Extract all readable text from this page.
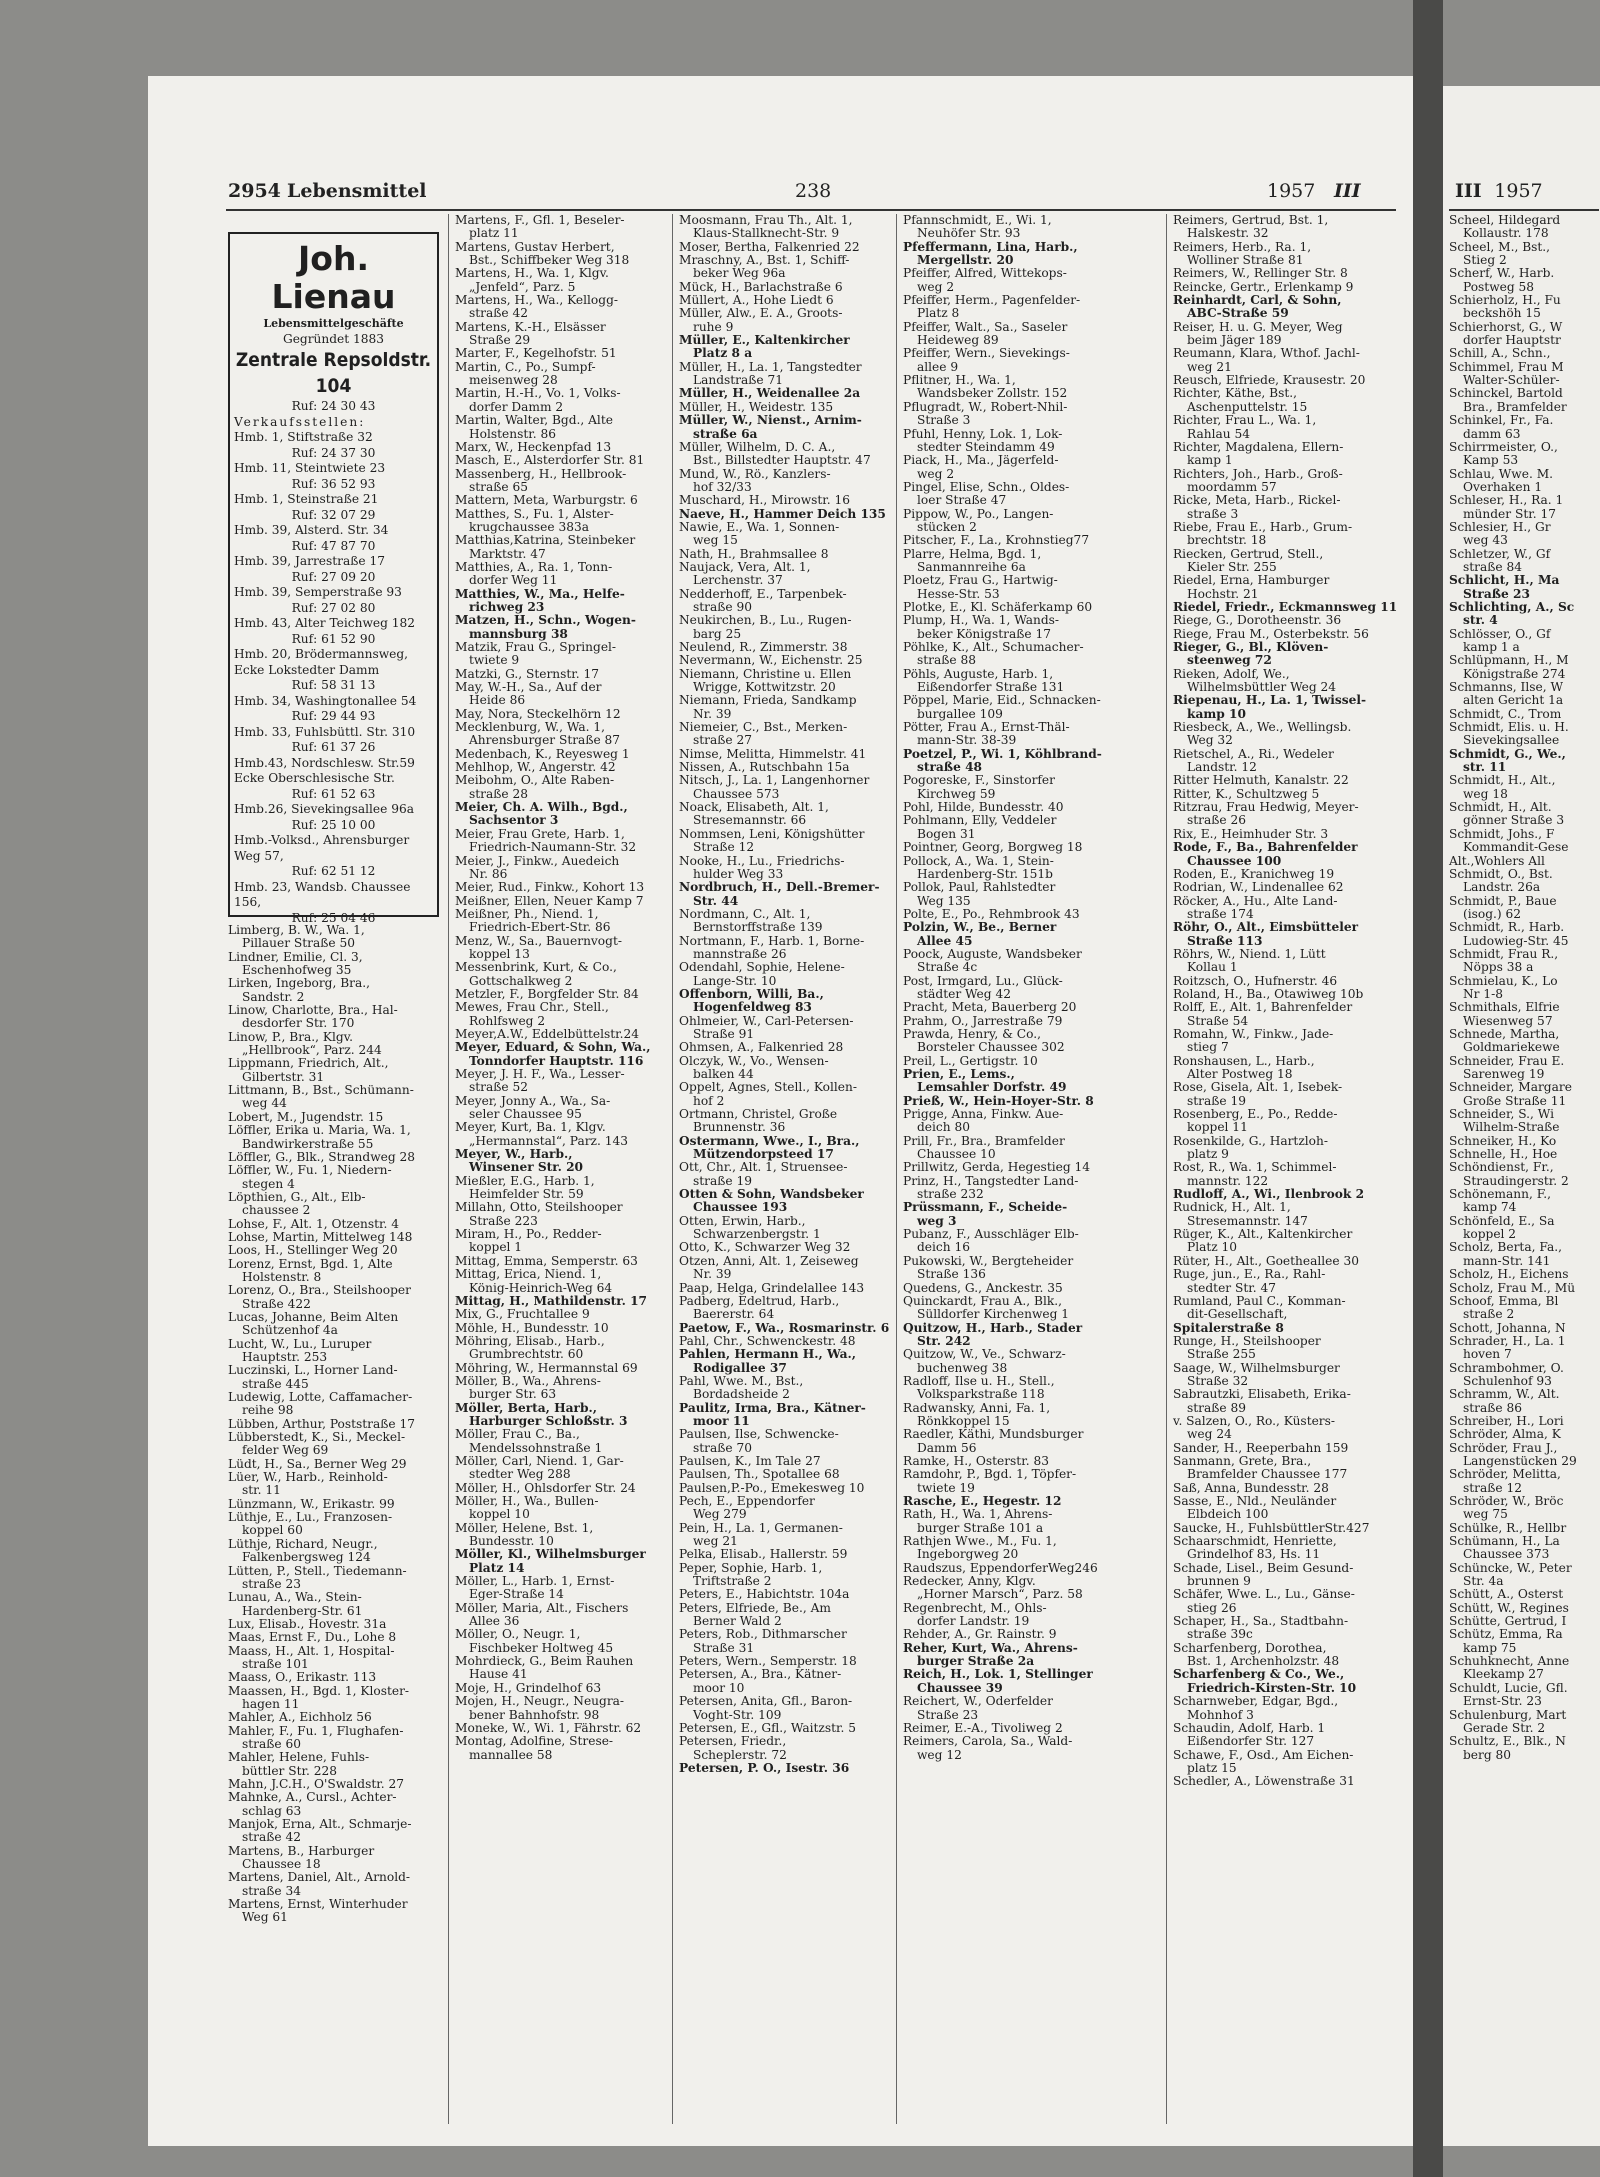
III 1957
Scheel, Hildegard
Kollaustr. 178
Scheel, M., Bst.,
Stieg 2
Scherf, W., Harb.
Postweg 58
Schierholz, H., Fu
beckshöh 15
Schierhorst, G., W
dorfer Hauptstr
Schill, A., Schn.,
Schimmel, Frau M
Walter-Schüler-
Schinckel, Bartold
Bra., Bramfelder
Schinkel, Fr., Fa.
damm 63
Schirrmeister, O.,
Kamp 53
Schlau, Wwe. M.
Overhaken 1
Schleser, H., Ra. 1
münder Str. 17
Schlesier, H., Gr
weg 43
Schletzer, W., Gf
straße 84
Schlicht, H., Ma
Straße 23
Schlichting, A., Sc
str. 4
Schlösser, O., Gf
kamp 1 a
Schlüpmann, H., M
Königstraße 274
Schmanns, Ilse, W
alten Gericht 1a
Schmidt, C., Trom
Schmidt, Elis. u. H.
Sievekingsallee
Schmidt, G., We.,
str. 11
Schmidt, H., Alt.,
weg 18
Schmidt, H., Alt.
gönner Straße 3
Schmidt, Johs., F
Kommandit-Gese
Alt.,Wohlers All
Schmidt, O., Bst.
Landstr. 26a
Schmidt, P., Baue
(isog.) 62
Schmidt, R., Harb.
Ludowieg-Str. 45
Schmidt, Frau R.,
Nöpps 38 a
Schmielau, K., Lo
Nr 1-8
Schmithals, Elfrie
Wiesenweg 57
Schnede, Martha,
Goldmariekewe
Schneider, Frau E.
Sarenweg 19
Schneider, Margare
Große Straße 11
Schneider, S., Wi
Wilhelm-Straße
Schneiker, H., Ko
Schnelle, H., Hoe
Schöndienst, Fr.,
Straudingerstr. 2
Schönemann, F.,
kamp 74
Schönfeld, E., Sa
koppel 2
Scholz, Berta, Fa.,
mann-Str. 141
Scholz, H., Eichens
Scholz, Frau M., Mü
Schoof, Emma, Bl
straße 2
Schott, Johanna, N
Schrader, H., La. 1
hoven 7
Schrambohmer, O.
Schulenhof 93
Schramm, W., Alt.
straße 86
Schreiber, H., Lori
Schröder, Alma, K
Schröder, Frau J.,
Langenstücken 29
Schröder, Melitta,
straße 12
Schröder, W., Bröc
weg 75
Schülke, R., Hellbr
Schümann, H., La
Chaussee 373
Schüncke, W., Peter
Str. 4a
Schütt, A., Osterst
Schütt, W., Regines
Schütte, Gertrud, I
Schütz, Emma, Ra
kamp 75
Schuhknecht, Anne
Kleekamp 27
Schuldt, Lucie, Gfl.
Ernst-Str. 23
Schulenburg, Mart
Gerade Str. 2
Schultz, E., Blk., N
berg 80
2954 Lebensmittel	238	1957 III
Joh. Lienau
Lebensmittelgeschäfte
Gegründet 1883
Zentrale Repsoldstr. 104
Ruf: 24 30 43
Verkaufsstellen:
Hmb. 1, Stiftstraße 32
Ruf: 24 37 30
Hmb. 11, Steintwiete 23
Ruf: 36 52 93
Hmb. 1, Steinstraße 21
Ruf: 32 07 29
Hmb. 39, Alsterd. Str. 34
Ruf: 47 87 70
Hmb. 39, Jarrestraße 17
Ruf: 27 09 20
Hmb. 39, Semperstraße 93
Ruf: 27 02 80
Hmb. 43, Alter Teichweg 182
Ruf: 61 52 90
Hmb. 20, Brödermannsweg, Ecke Lokstedter Damm
Ruf: 58 31 13
Hmb. 34, Washingtonallee 54
Ruf: 29 44 93
Hmb. 33, Fuhlsbüttl. Str. 310
Ruf: 61 37 26
Hmb.43, Nordschlesw. Str.59 Ecke Oberschlesische Str.
Ruf: 61 52 63
Hmb.26, Sievekingsallee 96a
Ruf: 25 10 00
Hmb.-Volksd., Ahrensburger Weg 57,
Ruf: 62 51 12
Hmb. 23, Wandsb. Chaussee 156,
Ruf: 25 04 46
Limberg, B. W., Wa. 1,
Pillauer Straße 50
Lindner, Emilie, Cl. 3,
Eschenhofweg 35
Lirken, Ingeborg, Bra.,
Sandstr. 2
Linow, Charlotte, Bra., Hal-
desdorfer Str. 170
Linow, P., Bra., Klgv.
„Hellbrook“, Parz. 244
Lippmann, Friedrich, Alt.,
Gilbertstr. 31
Littmann, B., Bst., Schümann-
weg 44
Lobert, M., Jugendstr. 15
Löffler, Erika u. Maria, Wa. 1,
Bandwirkerstraße 55
Löffler, G., Blk., Strandweg 28
Löffler, W., Fu. 1, Niedern-
stegen 4
Löpthien, G., Alt., Elb-
chaussee 2
Lohse, F., Alt. 1, Otzenstr. 4
Lohse, Martin, Mittelweg 148
Loos, H., Stellinger Weg 20
Lorenz, Ernst, Bgd. 1, Alte
Holstenstr. 8
Lorenz, O., Bra., Steilshooper
Straße 422
Lucas, Johanne, Beim Alten
Schützenhof 4a
Lucht, W., Lu., Luruper
Hauptstr. 253
Luczinski, L., Horner Land-
straße 445
Ludewig, Lotte, Caffamacher-
reihe 98
Lübben, Arthur, Poststraße 17
Lübberstedt, K., Si., Meckel-
felder Weg 69
Lüdt, H., Sa., Berner Weg 29
Lüer, W., Harb., Reinhold-
str. 11
Lünzmann, W., Erikastr. 99
Lüthje, E., Lu., Franzosen-
koppel 60
Lüthje, Richard, Neugr.,
Falkenbergsweg 124
Lütten, P., Stell., Tiedemann-
straße 23
Lunau, A., Wa., Stein-
Hardenberg-Str. 61
Lux, Elisab., Hovestr. 31a
Maas, Ernst F., Du., Lohe 8
Maass, H., Alt. 1, Hospital-
straße 101
Maass, O., Erikastr. 113
Maassen, H., Bgd. 1, Kloster-
hagen 11
Mahler, A., Eichholz 56
Mahler, F., Fu. 1, Flughafen-
straße 60
Mahler, Helene, Fuhls-
büttler Str. 228
Mahn, J.C.H., O'Swaldstr. 27
Mahnke, A., Cursl., Achter-
schlag 63
Manjok, Erna, Alt., Schmarje-
straße 42
Martens, B., Harburger
Chaussee 18
Martens, Daniel, Alt., Arnold-
straße 34
Martens, Ernst, Winterhuder
Weg 61
Martens, F., Gfl. 1, Beseler-
platz 11
Martens, Gustav Herbert,
Bst., Schiffbeker Weg 318
Martens, H., Wa. 1, Klgv.
„Jenfeld“, Parz. 5
Martens, H., Wa., Kellogg-
straße 42
Martens, K.-H., Elsässer
Straße 29
Marter, F., Kegelhofstr. 51
Martin, C., Po., Sumpf-
meisenweg 28
Martin, H.-H., Vo. 1, Volks-
dorfer Damm 2
Martin, Walter, Bgd., Alte
Holstenstr. 86
Marx, W., Heckenpfad 13
Masch, E., Alsterdorfer Str. 81
Massenberg, H., Hellbrook-
straße 65
Mattern, Meta, Warburgstr. 6
Matthes, S., Fu. 1, Alster-
krugchaussee 383a
Matthias,Katrina, Steinbeker
Marktstr. 47
Matthies, A., Ra. 1, Tonn-
dorfer Weg 11
Matthies, W., Ma., Helfe-
richweg 23
Matzen, H., Schn., Wogen-
mannsburg 38
Matzik, Frau G., Springel-
twiete 9
Matzki, G., Sternstr. 17
May, W.-H., Sa., Auf der
Heide 86
May, Nora, Steckelhörn 12
Mecklenburg, W., Wa. 1,
Ahrensburger Straße 87
Medenbach, K., Reyesweg 1
Mehlhop, W., Angerstr. 42
Meibohm, O., Alte Raben-
straße 28
Meier, Ch. A. Wilh., Bgd.,
Sachsentor 3
Meier, Frau Grete, Harb. 1,
Friedrich-Naumann-Str. 32
Meier, J., Finkw., Auedeich
Nr. 86
Meier, Rud., Finkw., Kohort 13
Meißner, Ellen, Neuer Kamp 7
Meißner, Ph., Niend. 1,
Friedrich-Ebert-Str. 86
Menz, W., Sa., Bauernvogt-
koppel 13
Messenbrink, Kurt, & Co.,
Gottschalkweg 2
Metzler, F., Borgfelder Str. 84
Mewes, Frau Chr., Stell.,
Rohlfsweg 2
Meyer,A.W., Eddelbüttelstr.24
Meyer, Eduard, & Sohn, Wa.,
Tonndorfer Hauptstr. 116
Meyer, J. H. F., Wa., Lesser-
straße 52
Meyer, Jonny A., Wa., Sa-
seler Chaussee 95
Meyer, Kurt, Ba. 1, Klgv.
„Hermannstal“, Parz. 143
Meyer, W., Harb.,
Winsener Str. 20
Mießler, E.G., Harb. 1,
Heimfelder Str. 59
Millahn, Otto, Steilshooper
Straße 223
Miram, H., Po., Redder-
koppel 1
Mittag, Emma, Semperstr. 63
Mittag, Erica, Niend. 1,
König-Heinrich-Weg 64
Mittag, H., Mathildenstr. 17
Mix, G., Fruchtallee 9
Möhle, H., Bundesstr. 10
Möhring, Elisab., Harb.,
Grumbrechtstr. 60
Möhring, W., Hermannstal 69
Möller, B., Wa., Ahrens-
burger Str. 63
Möller, Berta, Harb.,
Harburger Schloßstr. 3
Möller, Frau C., Ba.,
Mendelssohnstraße 1
Möller, Carl, Niend. 1, Gar-
stedter Weg 288
Möller, H., Ohlsdorfer Str. 24
Möller, H., Wa., Bullen-
koppel 10
Möller, Helene, Bst. 1,
Bundesstr. 10
Möller, Kl., Wilhelmsburger
Platz 14
Möller, L., Harb. 1, Ernst-
Eger-Straße 14
Möller, Maria, Alt., Fischers
Allee 36
Möller, O., Neugr. 1,
Fischbeker Holtweg 45
Mohrdieck, G., Beim Rauhen
Hause 41
Moje, H., Grindelhof 63
Mojen, H., Neugr., Neugra-
bener Bahnhofstr. 98
Moneke, W., Wi. 1, Fährstr. 62
Montag, Adolfine, Strese-
mannallee 58
Moosmann, Frau Th., Alt. 1,
Klaus-Stallknecht-Str. 9
Moser, Bertha, Falkenried 22
Mraschny, A., Bst. 1, Schiff-
beker Weg 96a
Mück, H., Barlachstraße 6
Müllert, A., Hohe Liedt 6
Müller, Alw., E. A., Groots-
ruhe 9
Müller, E., Kaltenkircher
Platz 8 a
Müller, H., La. 1, Tangstedter
Landstraße 71
Müller, H., Weidenallee 2a
Müller, H., Weidestr. 135
Müller, W., Nienst., Arnim-
straße 6a
Müller, Wilhelm, D. C. A.,
Bst., Billstedter Hauptstr. 47
Mund, W., Rö., Kanzlers-
hof 32/33
Muschard, H., Mirowstr. 16
Naeve, H., Hammer Deich 135
Nawie, E., Wa. 1, Sonnen-
weg 15
Nath, H., Brahmsallee 8
Naujack, Vera, Alt. 1,
Lerchenstr. 37
Nedderhoff, E., Tarpenbek-
straße 90
Neukirchen, B., Lu., Rugen-
barg 25
Neulend, R., Zimmerstr. 38
Nevermann, W., Eichenstr. 25
Niemann, Christine u. Ellen
Wrigge, Kottwitzstr. 20
Niemann, Frieda, Sandkamp
Nr. 39
Niemeier, C., Bst., Merken-
straße 27
Nimse, Melitta, Himmelstr. 41
Nissen, A., Rutschbahn 15a
Nitsch, J., La. 1, Langenhorner
Chaussee 573
Noack, Elisabeth, Alt. 1,
Stresemannstr. 66
Nommsen, Leni, Königshütter
Straße 12
Nooke, H., Lu., Friedrichs-
hulder Weg 33
Nordbruch, H., Dell.-Bremer-
Str. 44
Nordmann, C., Alt. 1,
Bernstorffstraße 139
Nortmann, F., Harb. 1, Borne-
mannstraße 26
Odendahl, Sophie, Helene-
Lange-Str. 10
Offenborn, Willi, Ba.,
Hogenfeldweg 83
Ohlmeier, W., Carl-Petersen-
Straße 91
Ohmsen, A., Falkenried 28
Olczyk, W., Vo., Wensen-
balken 44
Oppelt, Agnes, Stell., Kollen-
hof 2
Ortmann, Christel, Große
Brunnenstr. 36
Ostermann, Wwe., I., Bra.,
Mützendorpsteed 17
Ott, Chr., Alt. 1, Struensee-
straße 19
Otten & Sohn, Wandsbeker
Chaussee 193
Otten, Erwin, Harb.,
Schwarzenbergstr. 1
Otto, K., Schwarzer Weg 32
Otzen, Anni, Alt. 1, Zeiseweg
Nr. 39
Paap, Helga, Grindelallee 143
Padberg, Edeltrud, Harb.,
Baererstr. 64
Paetow, F., Wa., Rosmarinstr. 6
Pahl, Chr., Schwenckestr. 48
Pahlen, Hermann H., Wa.,
Rodigallee 37
Pahl, Wwe. M., Bst.,
Bordadsheide 2
Paulitz, Irma, Bra., Kätner-
moor 11
Paulsen, Ilse, Schwencke-
straße 70
Paulsen, K., Im Tale 27
Paulsen, Th., Spotallee 68
Paulsen,P.-Po., Emekesweg 10
Pech, E., Eppendorfer
Weg 279
Pein, H., La. 1, Germanen-
weg 21
Pelka, Elisab., Hallerstr. 59
Peper, Sophie, Harb. 1,
Triftstraße 2
Peters, E., Habichtstr. 104a
Peters, Elfriede, Be., Am
Berner Wald 2
Peters, Rob., Dithmarscher
Straße 31
Peters, Wern., Semperstr. 18
Petersen, A., Bra., Kätner-
moor 10
Petersen, Anita, Gfl., Baron-
Voght-Str. 109
Petersen, E., Gfl., Waitzstr. 5
Petersen, Friedr.,
Scheplerstr. 72
Petersen, P. O., Isestr. 36
Pfannschmidt, E., Wi. 1,
Neuhöfer Str. 93
Pfeffermann, Lina, Harb.,
Mergellstr. 20
Pfeiffer, Alfred, Wittekops-
weg 2
Pfeiffer, Herm., Pagenfelder-
Platz 8
Pfeiffer, Walt., Sa., Saseler
Heideweg 89
Pfeiffer, Wern., Sievekings-
allee 9
Pflitner, H., Wa. 1,
Wandsbeker Zollstr. 152
Pflugradt, W., Robert-Nhil-
Straße 3
Pfuhl, Henny, Lok. 1, Lok-
stedter Steindamm 49
Piack, H., Ma., Jägerfeld-
weg 2
Pingel, Elise, Schn., Oldes-
loer Straße 47
Pippow, W., Po., Langen-
stücken 2
Pitscher, F., La., Krohnstieg77
Plarre, Helma, Bgd. 1,
Sanmannreihe 6a
Ploetz, Frau G., Hartwig-
Hesse-Str. 53
Plotke, E., Kl. Schäferkamp 60
Plump, H., Wa. 1, Wands-
beker Königstraße 17
Pöhlke, K., Alt., Schumacher-
straße 88
Pöhls, Auguste, Harb. 1,
Eißendorfer Straße 131
Pöppel, Marie, Eid., Schnacken-
burgallee 109
Pötter, Frau A., Ernst-Thäl-
mann-Str. 38-39
Poetzel, P., Wi. 1, Köhlbrand-
straße 48
Pogoreske, F., Sinstorfer
Kirchweg 59
Pohl, Hilde, Bundesstr. 40
Pohlmann, Elly, Veddeler
Bogen 31
Pointner, Georg, Borgweg 18
Pollock, A., Wa. 1, Stein-
Hardenberg-Str. 151b
Pollok, Paul, Rahlstedter
Weg 135
Polte, E., Po., Rehmbrook 43
Polzin, W., Be., Berner
Allee 45
Poock, Auguste, Wandsbeker
Straße 4c
Post, Irmgard, Lu., Glück-
städter Weg 42
Pracht, Meta, Bauerberg 20
Prahm, O., Jarrestraße 79
Prawda, Henry, & Co.,
Borsteler Chaussee 302
Preil, L., Gertigstr. 10
Prien, E., Lems.,
Lemsahler Dorfstr. 49
Prieß, W., Hein-Hoyer-Str. 8
Prigge, Anna, Finkw. Aue-
deich 80
Prill, Fr., Bra., Bramfelder
Chaussee 10
Prillwitz, Gerda, Hegestieg 14
Prinz, H., Tangstedter Land-
straße 232
Prüssmann, F., Scheide-
weg 3
Pubanz, F., Ausschläger Elb-
deich 16
Pukowski, W., Bergteheider
Straße 136
Quedens, G., Anckestr. 35
Quinckardt, Frau A., Blk.,
Sülldorfer Kirchenweg 1
Quitzow, H., Harb., Stader
Str. 242
Quitzow, W., Ve., Schwarz-
buchenweg 38
Radloff, Ilse u. H., Stell.,
Volksparkstraße 118
Radwansky, Anni, Fa. 1,
Rönkkoppel 15
Raedler, Käthi, Mundsburger
Damm 56
Ramke, H., Osterstr. 83
Ramdohr, P., Bgd. 1, Töpfer-
twiete 19
Rasche, E., Hegestr. 12
Rath, H., Wa. 1, Ahrens-
burger Straße 101 a
Rathjen Wwe., M., Fu. 1,
Ingeborgweg 20
Raudszus, EppendorferWeg246
Redecker, Anny, Klgv.
„Horner Marsch“, Parz. 58
Regenbrecht, M., Ohls-
dorfer Landstr. 19
Rehder, A., Gr. Rainstr. 9
Reher, Kurt, Wa., Ahrens-
burger Straße 2a
Reich, H., Lok. 1, Stellinger
Chaussee 39
Reichert, W., Oderfelder
Straße 23
Reimer, E.-A., Tivoliweg 2
Reimers, Carola, Sa., Wald-
weg 12
Reimers, Gertrud, Bst. 1,
Halskestr. 32
Reimers, Herb., Ra. 1,
Wolliner Straße 81
Reimers, W., Rellinger Str. 8
Reincke, Gertr., Erlenkamp 9
Reinhardt, Carl, & Sohn,
ABC-Straße 59
Reiser, H. u. G. Meyer, Weg
beim Jäger 189
Reumann, Klara, Wthof. Jachl-
weg 21
Reusch, Elfriede, Krausestr. 20
Richter, Käthe, Bst.,
Aschenputtelstr. 15
Richter, Frau L., Wa. 1,
Rahlau 54
Richter, Magdalena, Ellern-
kamp 1
Richters, Joh., Harb., Groß-
moordamm 57
Ricke, Meta, Harb., Rickel-
straße 3
Riebe, Frau E., Harb., Grum-
brechtstr. 18
Riecken, Gertrud, Stell.,
Kieler Str. 255
Riedel, Erna, Hamburger
Hochstr. 21
Riedel, Friedr., Eckmannsweg 11
Riege, G., Dorotheenstr. 36
Riege, Frau M., Osterbekstr. 56
Rieger, G., Bl., Klöven-
steenweg 72
Rieken, Adolf, We.,
Wilhelmsbüttler Weg 24
Riepenau, H., La. 1, Twissel-
kamp 10
Riesbeck, A., We., Wellingsb.
Weg 32
Rietschel, A., Ri., Wedeler
Landstr. 12
Ritter Helmuth, Kanalstr. 22
Ritter, K., Schultzweg 5
Ritzrau, Frau Hedwig, Meyer-
straße 26
Rix, E., Heimhuder Str. 3
Rode, F., Ba., Bahrenfelder
Chaussee 100
Roden, E., Kranichweg 19
Rodrian, W., Lindenallee 62
Röcker, A., Hu., Alte Land-
straße 174
Röhr, O., Alt., Eimsbütteler
Straße 113
Röhrs, W., Niend. 1, Lütt
Kollau 1
Roitzsch, O., Hufnerstr. 46
Roland, H., Ba., Otawiweg 10b
Rolff, E., Alt. 1, Bahrenfelder
Straße 54
Romahn, W., Finkw., Jade-
stieg 7
Ronshausen, L., Harb.,
Alter Postweg 18
Rose, Gisela, Alt. 1, Isebek-
straße 19
Rosenberg, E., Po., Redde-
koppel 11
Rosenkilde, G., Hartzloh-
platz 9
Rost, R., Wa. 1, Schimmel-
mannstr. 122
Rudloff, A., Wi., Ilenbrook 2
Rudnick, H., Alt. 1,
Stresemannstr. 147
Rüger, K., Alt., Kaltenkircher
Platz 10
Rüter, H., Alt., Goetheallee 30
Ruge, jun., E., Ra., Rahl-
stedter Str. 47
Rumland, Paul C., Komman-
dit-Gesellschaft,
Spitalerstraße 8
Runge, H., Steilshooper
Straße 255
Saage, W., Wilhelmsburger
Straße 32
Sabrautzki, Elisabeth, Erika-
straße 89
v. Salzen, O., Ro., Küsters-
weg 24
Sander, H., Reeperbahn 159
Sanmann, Grete, Bra.,
Bramfelder Chaussee 177
Saß, Anna, Bundesstr. 28
Sasse, E., Nld., Neuländer
Elbdeich 100
Saucke, H., FuhlsbüttlerStr.427
Schaarschmidt, Henriette,
Grindelhof 83, Hs. 11
Schade, Lisel., Beim Gesund-
brunnen 9
Schäfer, Wwe. L., Lu., Gänse-
stieg 26
Schaper, H., Sa., Stadtbahn-
straße 39c
Scharfenberg, Dorothea,
Bst. 1, Archenholzstr. 48
Scharfenberg & Co., We.,
Friedrich-Kirsten-Str. 10
Scharnweber, Edgar, Bgd.,
Mohnhof 3
Schaudin, Adolf, Harb. 1
Eißendorfer Str. 127
Schawe, F., Osd., Am Eichen-
platz 15
Schedler, A., Löwenstraße 31
